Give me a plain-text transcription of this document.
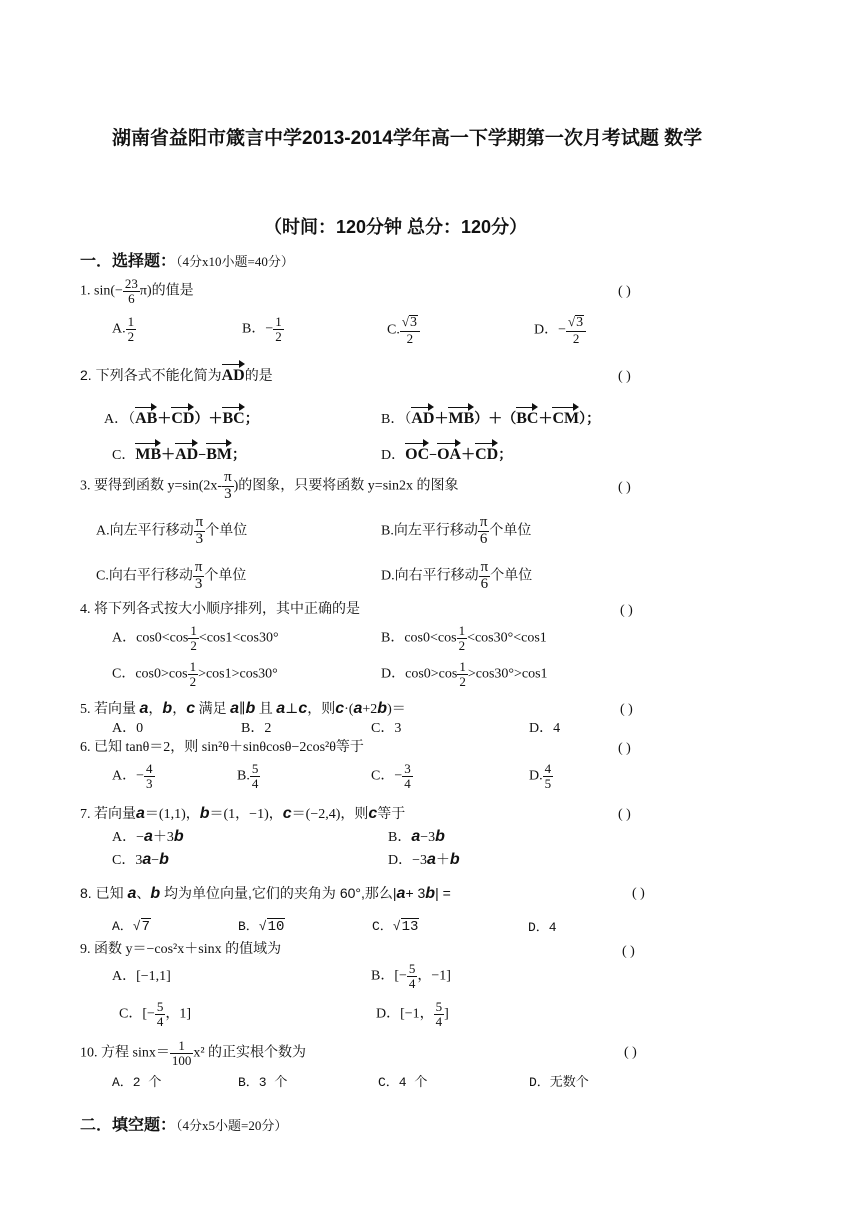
湖南省益阳市箴言中学2013-2014学年高一下学期第一次月考试题 数学
（时间：120分钟 总分：120分）
一．选择题：（4分x10小题=40分）
1. $\sin(- \frac{23}{6} \pi)$的值是	( )
A. $\frac{1}{2}$	B．− $\frac{1}{2}$	C. $\frac{√3}{2}$	D．− $\frac{√3}{2}$
2. 下列各式不能化简为AD的是	( )
A．（AB＋CD）＋BC；	B．（AD＋MB）＋（BC＋CM）；
C．MB＋AD−BM；	D．OC−OA＋CD；
3. 要得到函数 $y=\sin(2x- \frac{\pi}{3}$ )的图象，只要将函数 y=sin2x 的图象	( )
A.向左平行移动 $\frac{\pi}{3}$ 个单位	B.向左平行移动 $\frac{\pi}{6}$ 个单位
C.向右平行移动 $\frac{\pi}{3}$ 个单位	D.向右平行移动 $\frac{\pi}{6}$ 个单位
4. 将下列各式按大小顺序排列，其中正确的是	( )
A．$\cos 0<\cos \frac{1}{2} <\cos 1<\cos 30^\circ$	B．$\cos 0<\cos \frac{1}{2} <\cos 30^\circ<\cos 1$
C．$\cos 0>\cos \frac{1}{2} >\cos 1>\cos 30^\circ$	D．$\cos 0>\cos \frac{1}{2} >\cos 30^\circ>\cos 1$
5. 若向量 a，b，c 满足 a∥b 且 a⊥c，则c·(a+2b)＝	( )
A．0	B．2	C．3	D．4
6. 已知 tanθ＝2，则 sin²θ＋sinθcosθ−2cos²θ等于	( )
A．− $\frac{4}{3}$	B. $\frac{5}{4}$	C．− $\frac{3}{4}$	D. $\frac{4}{5}$
7. 若向量a＝(1,1)，b＝(1，−1)，c＝(−2,4)，则c等于	( )
A．−a＋3b	B．a−3b
C．3a−b	D．−3a＋b
8. 已知 a、b 均为单位向量,它们的夹角为 60°,那么|a+ 3b| =	( )
A．√7	B．√10	C．√13	D．4
9. 函数 y＝−cos²x＋sinx 的值域为	( )
A．[−1,1]	B．[− $\frac{5}{4}$ ，−1]
C．[− $\frac{5}{4}$ ，1]	D．[−1， $\frac{5}{4}$ ]
10. 方程 $\sin x= \frac{1}{100} x^2$ 的正实根个数为	( )
A．2 个	B．3 个	C．4 个	D．无数个
二．填空题：（4分x5小题=20分）
